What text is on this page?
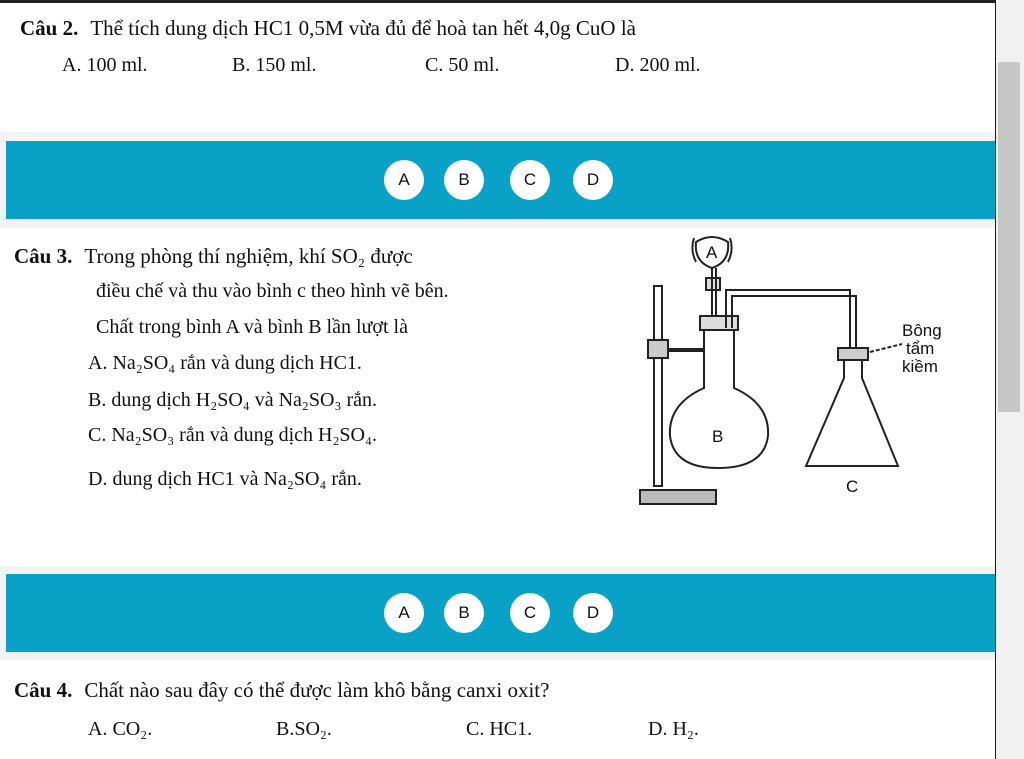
Câu 2. Thể tích dung dịch HC1 0,5M vừa đủ để hoà tan hết 4,0g CuO là
A. 100 ml.	B. 150 ml.	C. 50 ml.	D. 200 ml.
A	B	C	D
Câu 3. Trong phòng thí nghiệm, khí SO₂ được
điều chế và thu vào bình c theo hình vẽ bên.
Chất trong bình A và bình B lần lượt là
A. Na₂SO₄ rắn và dung dịch HC1.
B. dung dịch H₂SO₄ và Na₂SO₃ rắn.
C. Na₂SO₃ rắn và dung dịch H₂SO₄.
D. dung dịch HC1 và Na₂SO₄ rắn.
A
B
C
Bông
tẩm
kiềm
A	B	C	D
Câu 4. Chất nào sau đây có thể được làm khô bằng canxi oxit?
A. CO₂.	B.SO₂.	C. HC1.	D. H₂.
